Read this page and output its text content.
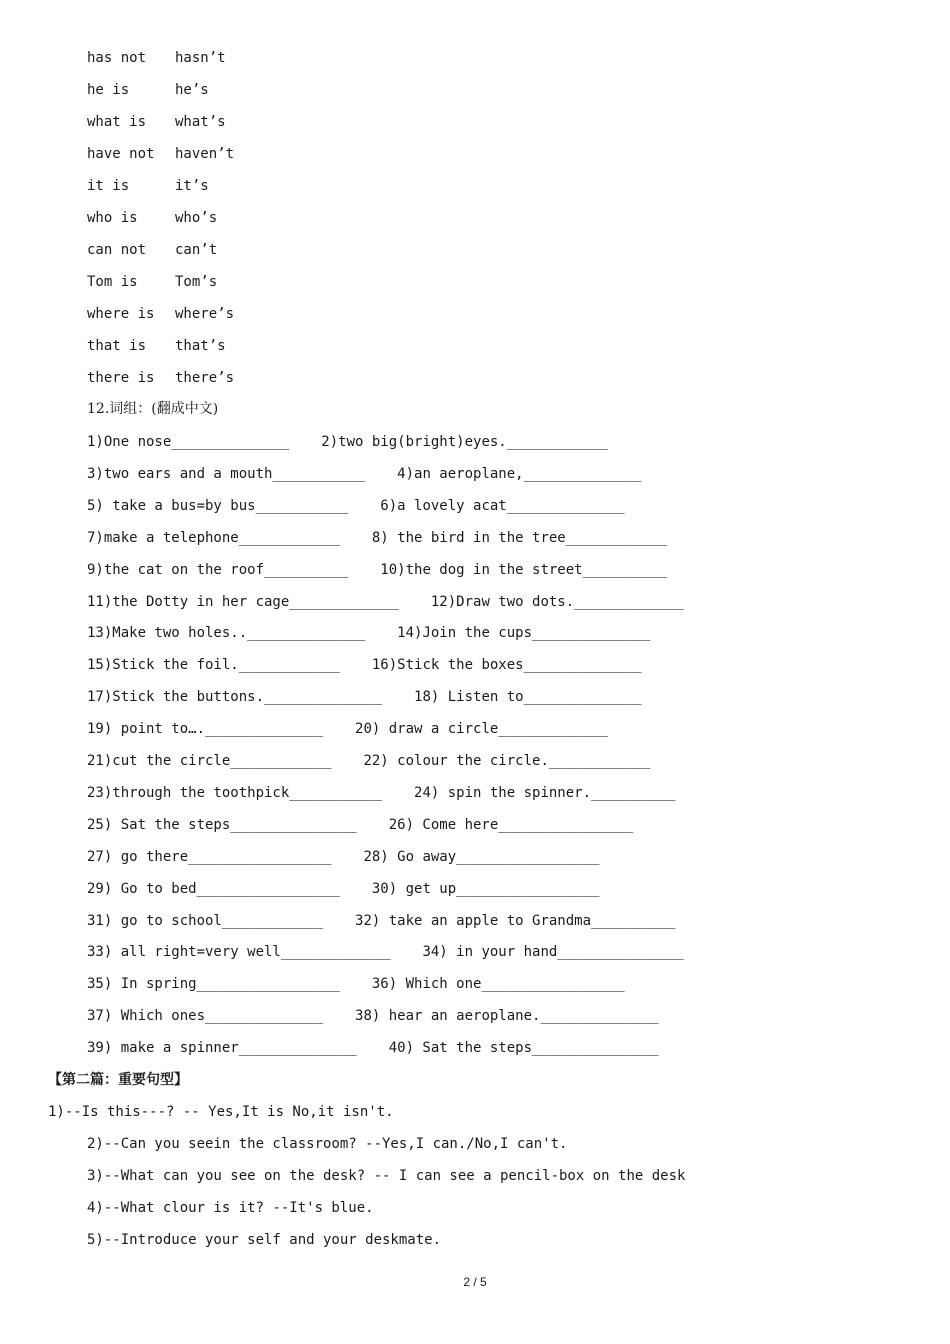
has not hasn’t
he is	he’s
what is what’s
have not haven’t
it is	it’s
who is	who’s
can not can’t
Tom is	Tom’s
where is where’s
that is that’s
there is there’s
12.词组：(翻成中文)
1)One nose______________ 2)two big(bright)eyes.____________
3)two ears and a mouth___________ 4)an aeroplane,______________
5) take a bus=by bus___________ 6)a lovely acat______________
7)make a telephone____________ 8) the bird in the tree____________
9)the cat on the roof__________ 10)the dog in the street__________
11)the Dotty in her cage_____________ 12)Draw two dots._____________
13)Make two holes..______________ 14)Join the cups______________
15)Stick the foil.____________ 16)Stick the boxes______________
17)Stick the buttons.______________ 18) Listen to______________
19) point to….______________ 20) draw a circle_____________
21)cut the circle____________ 22) colour the circle.____________
23)through the toothpick___________ 24) spin the spinner.__________
25) Sat the steps_______________ 26) Come here________________
27) go there_________________ 28) Go away_________________
29) Go to bed_________________ 30) get up_________________
31) go to school____________ 32) take an apple to Grandma__________
33) all right=very well_____________ 34) in your hand_______________
35) In spring_________________ 36) Which one_________________
37) Which ones______________ 38) hear an aeroplane.______________
39) make a spinner______________ 40) Sat the steps_______________
【第二篇：重要句型】
1)--Is this---? -- Yes,It is No,it isn't.
2)--Can you seein the classroom? --Yes,I can./No,I can't.
3)--What can you see on the desk? -- I can see a pencil-box on the desk
4)--What clour is it? --It's blue.
5)--Introduce your self and your deskmate.
2 / 5
